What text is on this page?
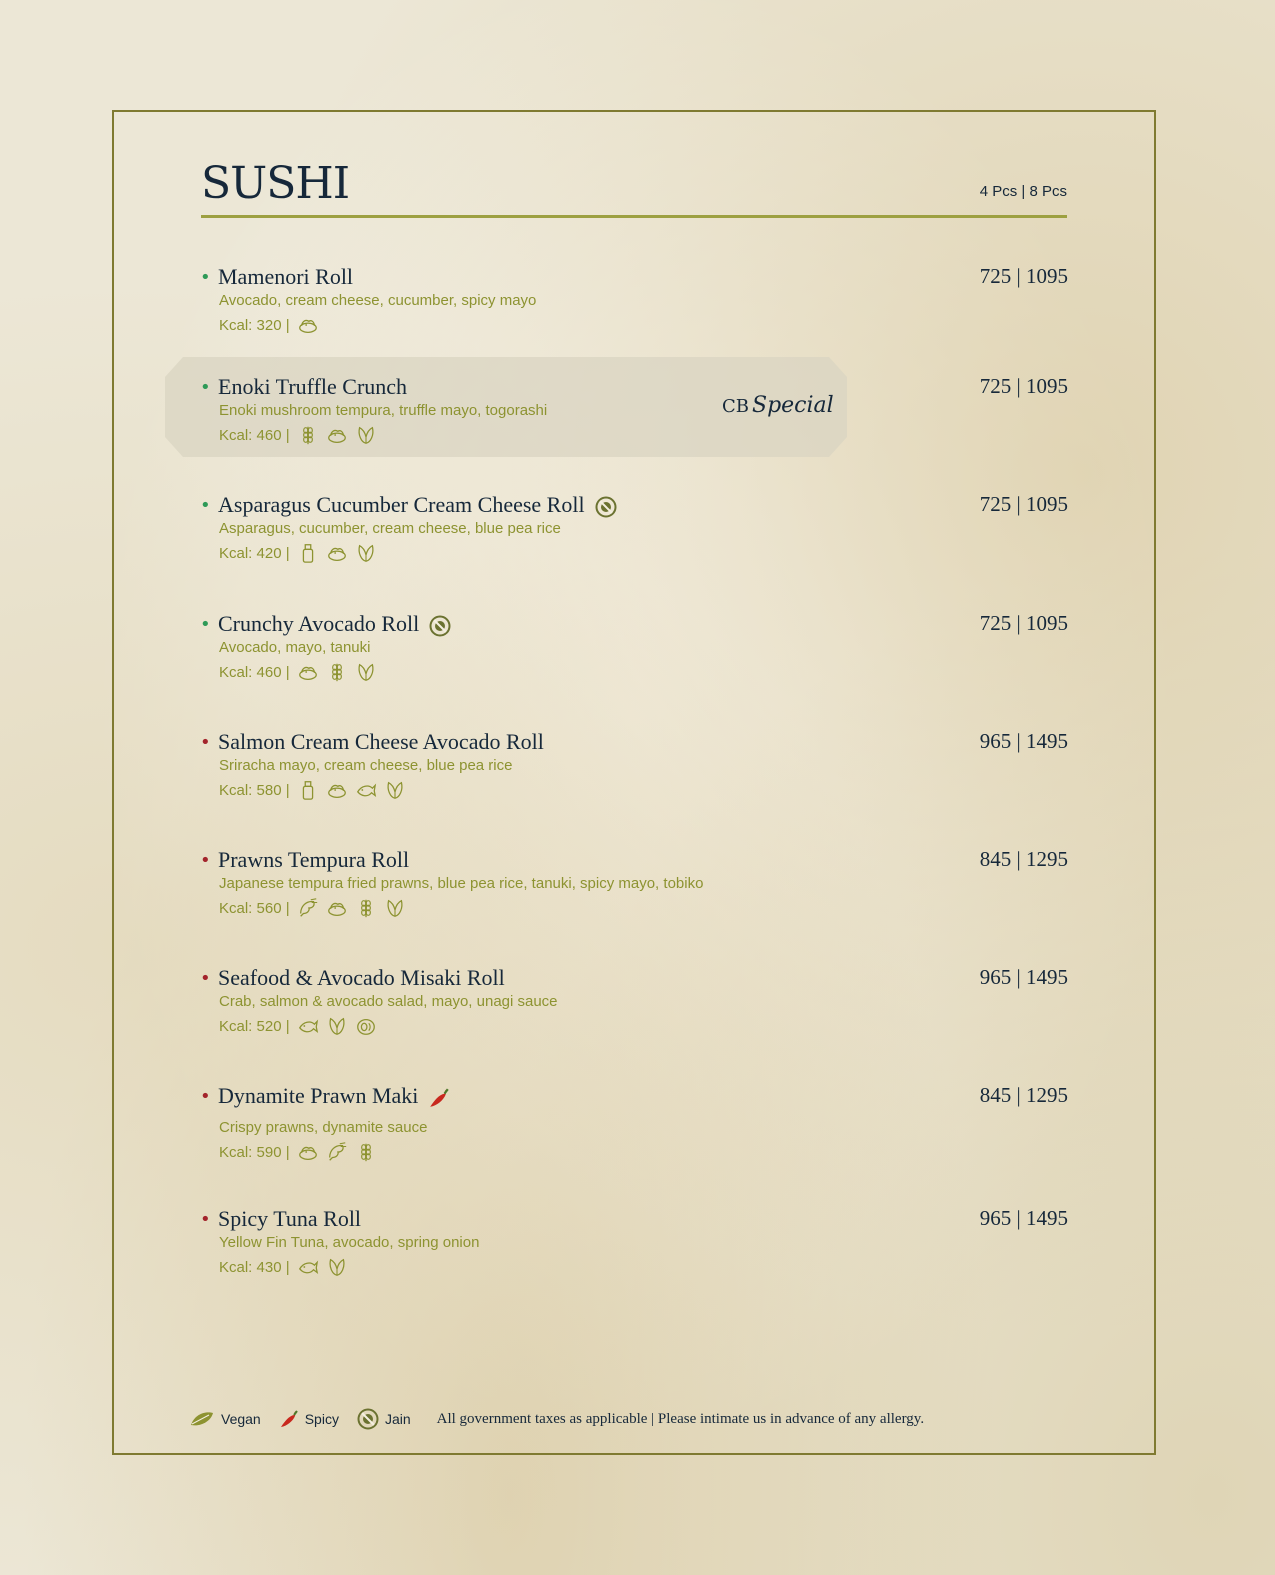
SUSHI	4 Pcs | 8 Pcs
CB Special
• Mamenori Roll	725 | 1095
Avocado, cream cheese, cucumber, spicy mayo
Kcal: 320 |
• Enoki Truffle Crunch	725 | 1095
Enoki mushroom tempura, truffle mayo, togorashi
Kcal: 460 |
• Asparagus Cucumber Cream Cheese Roll	725 | 1095
Asparagus, cucumber, cream cheese, blue pea rice
Kcal: 420 |
• Crunchy Avocado Roll	725 | 1095
Avocado, mayo, tanuki
Kcal: 460 |
• Salmon Cream Cheese Avocado Roll	965 | 1495
Sriracha mayo, cream cheese, blue pea rice
Kcal: 580 |
• Prawns Tempura Roll	845 | 1295
Japanese tempura fried prawns, blue pea rice, tanuki, spicy mayo, tobiko
Kcal: 560 |
• Seafood & Avocado Misaki Roll	965 | 1495
Crab, salmon & avocado salad, mayo, unagi sauce
Kcal: 520 |
• Dynamite Prawn Maki	845 | 1295
Crispy prawns, dynamite sauce
Kcal: 590 |
• Spicy Tuna Roll	965 | 1495
Yellow Fin Tuna, avocado, spring onion
Kcal: 430 |
Vegan	Spicy	Jain All government taxes as applicable | Please intimate us in advance of any allergy.
